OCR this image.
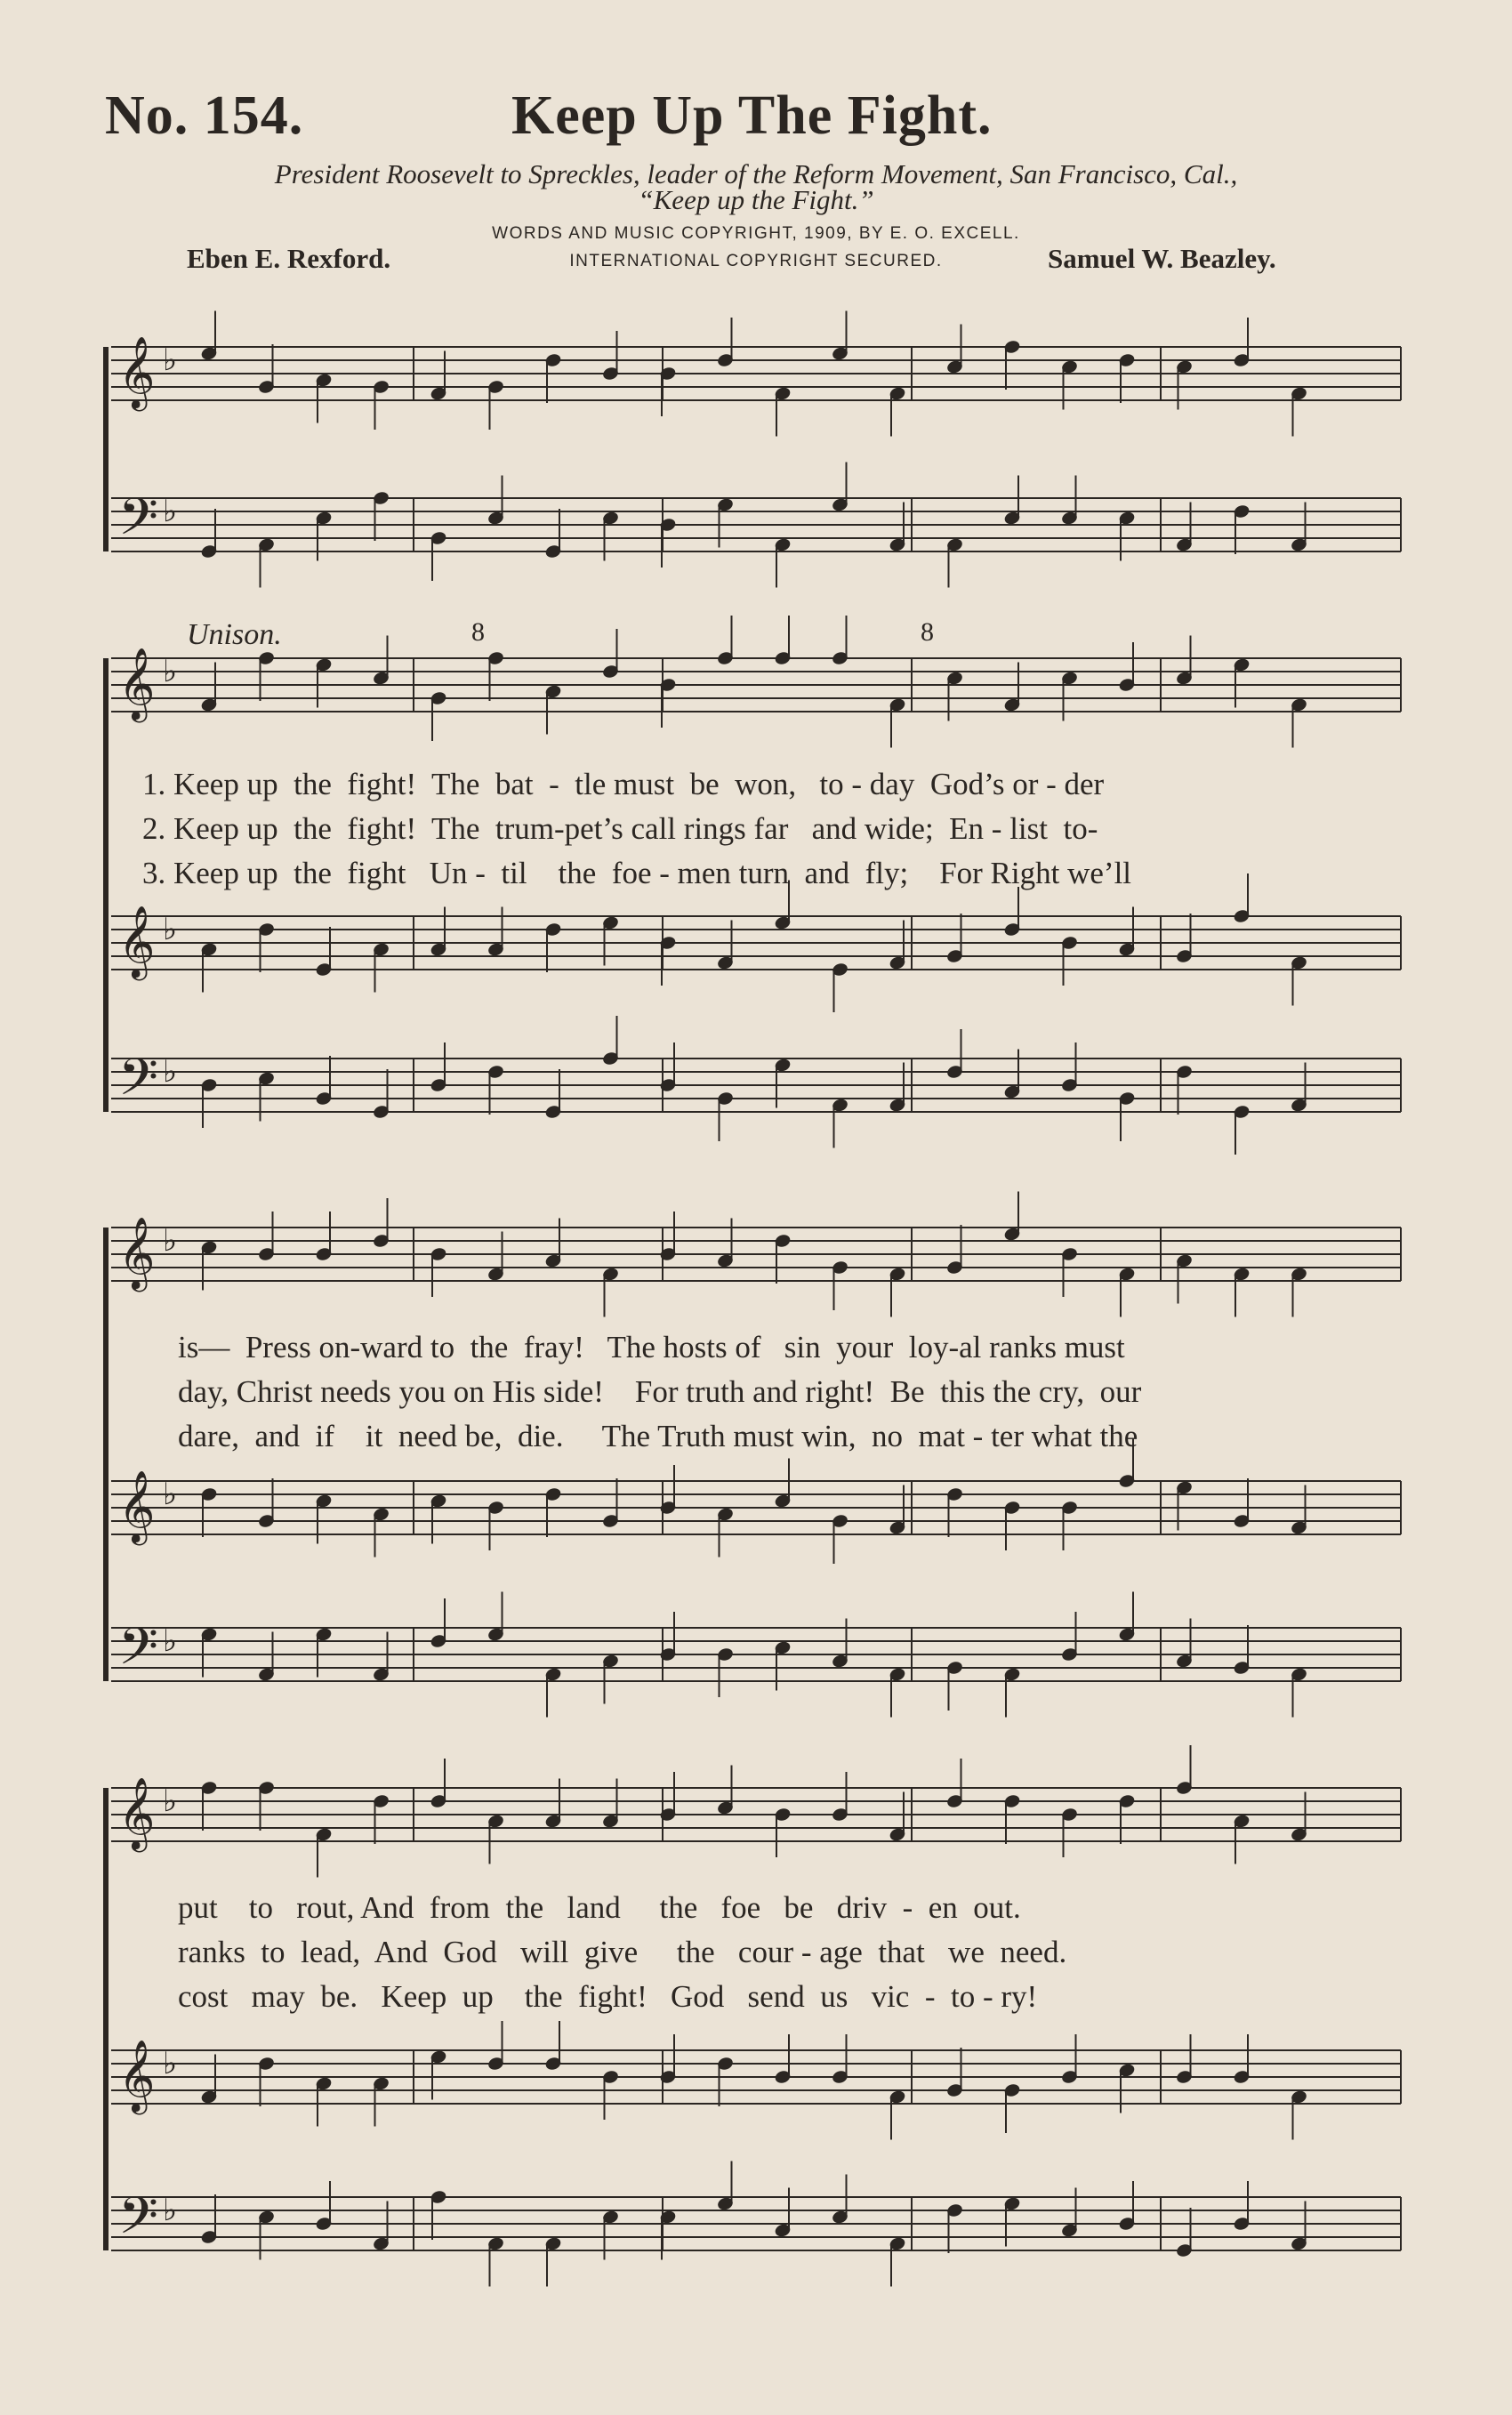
No. 154.	Keep Up The Fight.
President Roosevelt to Spreckles, leader of the Reform Movement, San Francisco, Cal.,
“Keep up the Fight.”
WORDS AND MUSIC COPYRIGHT, 1909, BY E. O. EXCELL.
INTERNATIONAL COPYRIGHT SECURED.
Eben E. Rexford.	Samuel W. Beazley.
𝄞 ♭
𝄢 ♭
𝄞 ♭
𝄞 ♭
𝄢 ♭
𝄞 ♭
𝄞 ♭
𝄢 ♭
𝄞 ♭
𝄞 ♭
𝄢 ♭
8	8
Unison.
1. Keep up  the  fight!  The  bat  -  tle must  be  won,   to - day  God’s or - der
2. Keep up  the  fight!  The  trum-pet’s call rings far   and wide;  En - list  to-
3. Keep up  the  fight   Un -  til    the  foe - men turn  and  fly;    For Right we’ll
is—  Press on-ward to  the  fray!   The hosts of   sin  your  loy-al ranks must
day, Christ needs you on His side!    For truth and right!  Be  this the cry,  our
dare,  and  if    it  need be,  die.     The Truth must win,  no  mat - ter what the
put    to   rout, And  from  the   land     the   foe   be   driv  -  en  out.
ranks  to  lead,  And  God   will  give     the   cour - age  that   we  need.
cost   may  be.   Keep  up    the  fight!   God   send  us   vic  -  to - ry!
